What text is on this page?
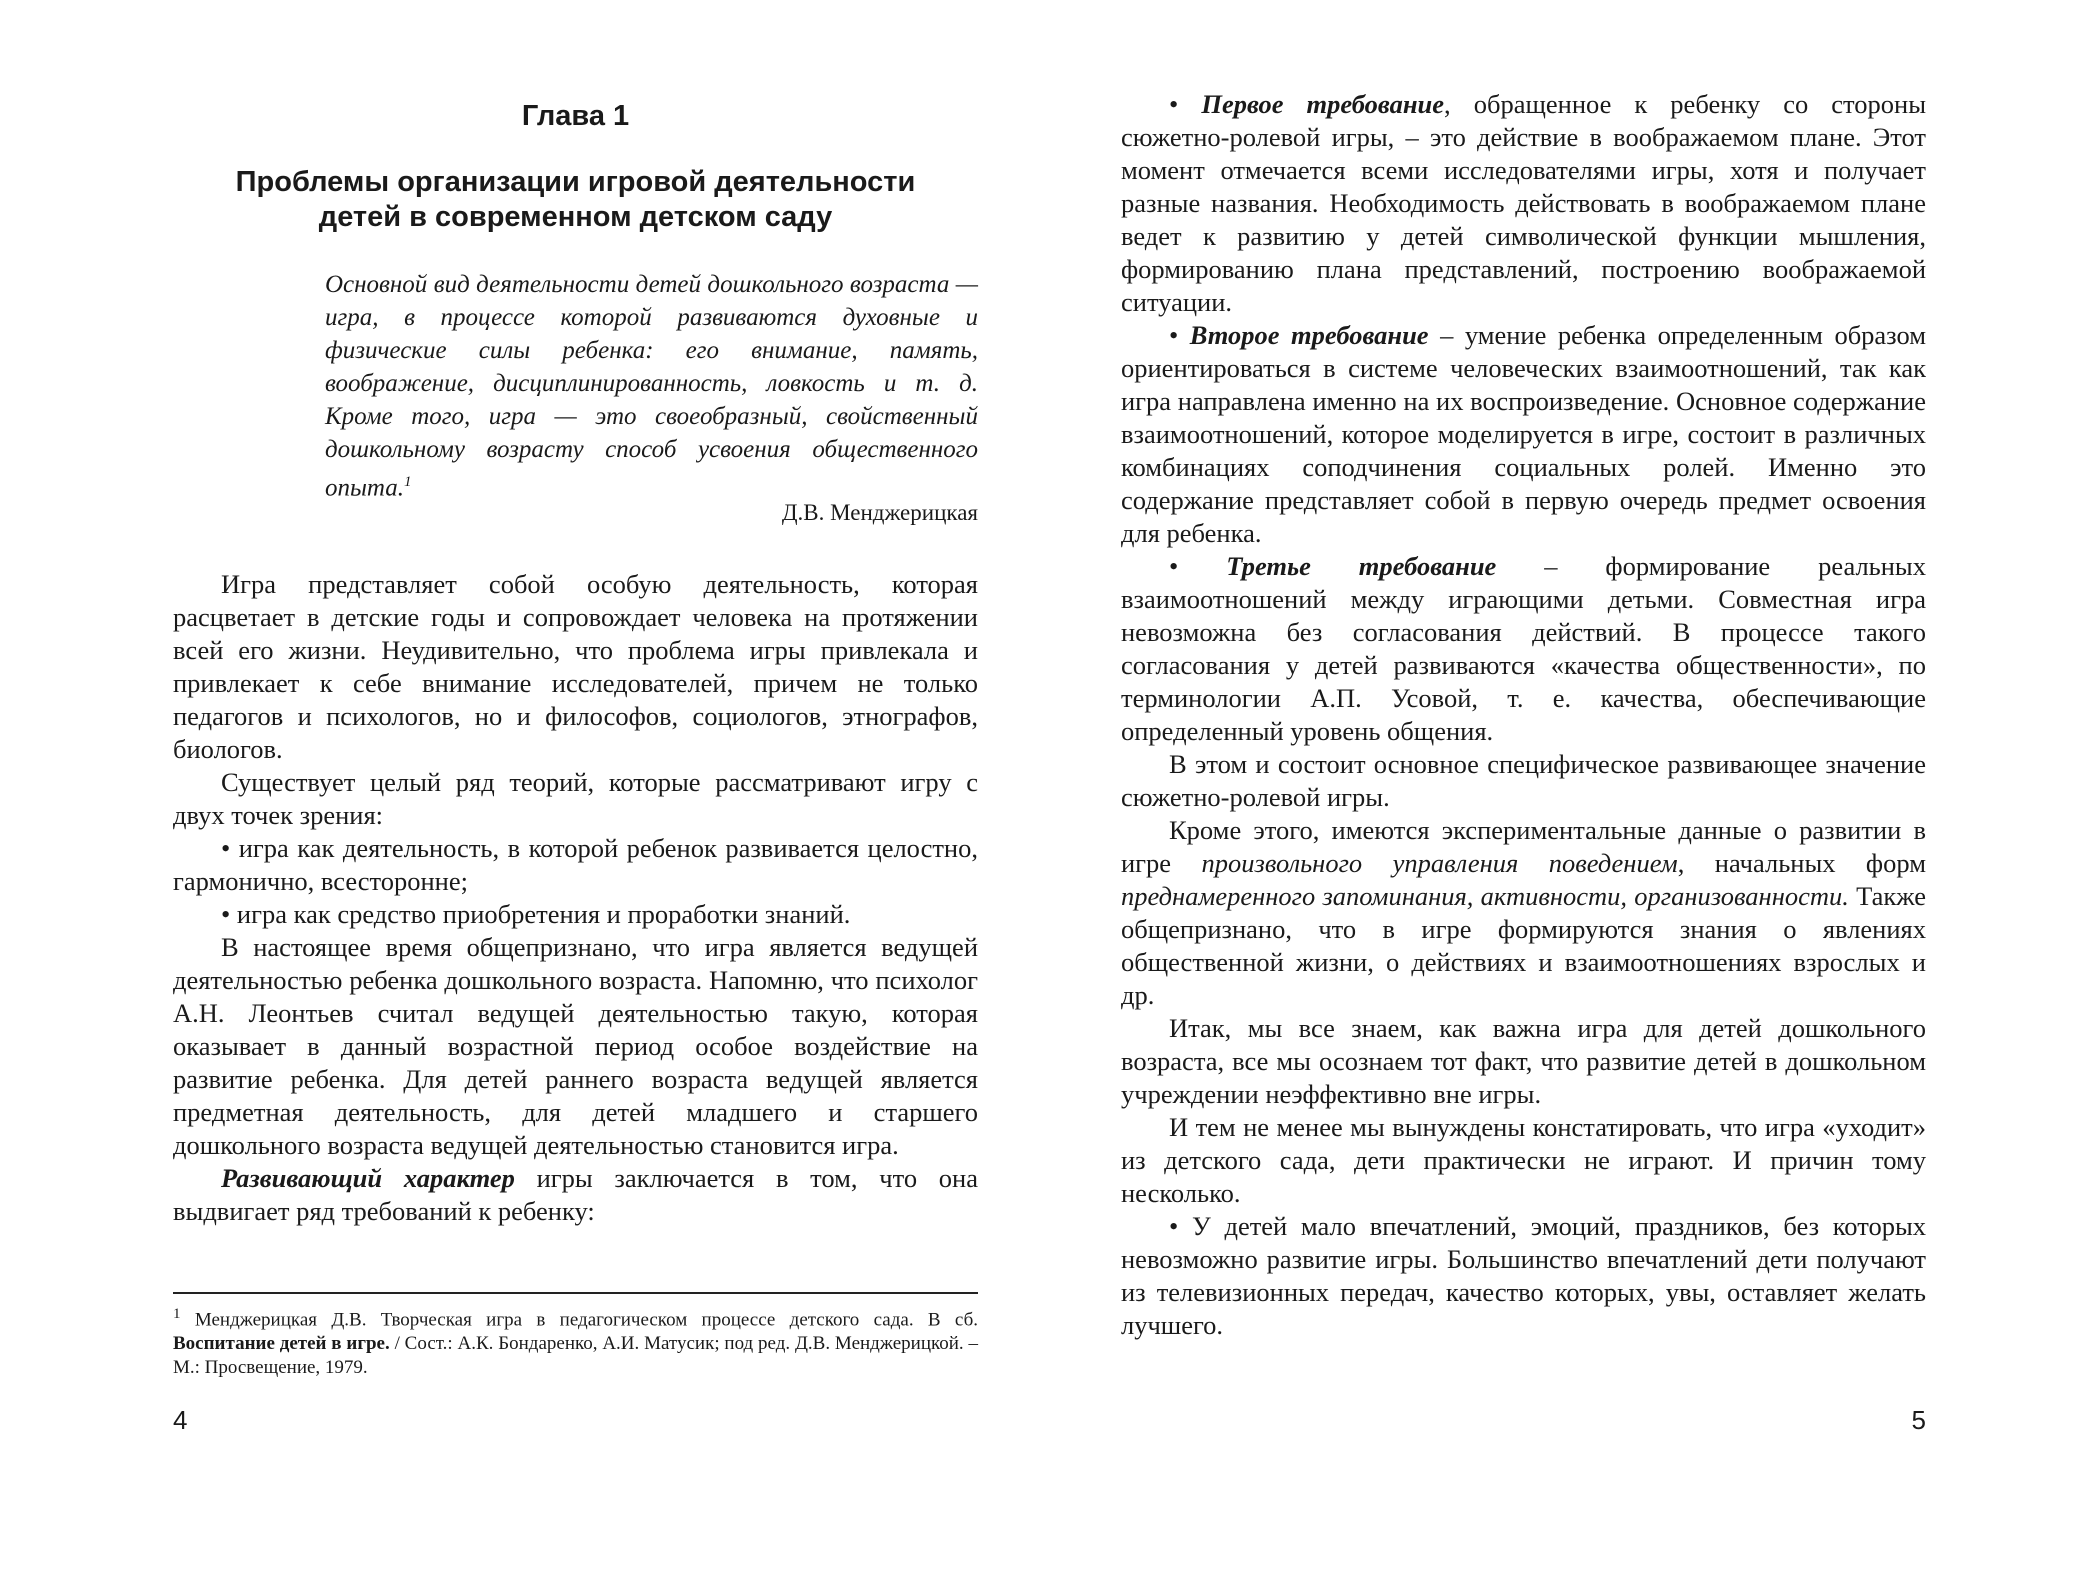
Глава 1
Проблемы организации игровой деятельности
детей в современном детском саду

Основной вид деятельности детей дошкольного возраста — игра, в процессе которой развиваются духовные и физические силы ребенка: его внимание, память, воображение, дисциплинированность, ловкость и т. д. Кроме того, игра — это своеобразный, свойственный дошкольному возрасту способ усвоения общественного опыта.$^1$

Д.В. Менджерицкая

Игра представляет собой особую деятельность, которая расцветает в детские годы и сопровождает человека на протяжении всей его жизни. Неудивительно, что проблема игры привлекала и привлекает к себе внимание исследователей, причем не только педагогов и психологов, но и философов, социологов, этнографов, биологов.

Существует целый ряд теорий, которые рассматривают игру с двух точек зрения:

• игра как деятельность, в которой ребенок развивается целостно, гармонично, всесторонне;

• игра как средство приобретения и проработки знаний.

В настоящее время общепризнано, что игра является ведущей деятельностью ребенка дошкольного возраста. Напомню, что психолог А.Н. Леонтьев считал ведущей деятельностью такую, которая оказывает в данный возрастной период особое воздействие на развитие ребенка. Для детей раннего возраста ведущей является предметная деятельность, для детей младшего и старшего дошкольного возраста ведущей деятельностью становится игра.

Развивающий характер игры заключается в том, что она выдвигает ряд требований к ребенку:

$^1$ Менджерицкая Д.В. Творческая игра в педагогическом процессе детского сада. В сб. Воспитание детей в игре. / Сост.: А.К. Бондаренко, А.И. Матусик; под ред. Д.В. Менджерицкой. – М.: Просвещение, 1979.

4

• Первое требование, обращенное к ребенку со стороны сюжетно-ролевой игры, – это действие в воображаемом плане. Этот момент отмечается всеми исследователями игры, хотя и получает разные названия. Необходимость действовать в воображаемом плане ведет к развитию у детей символической функции мышления, формированию плана представлений, построению воображаемой ситуации.

• Второе требование – умение ребенка определенным образом ориентироваться в системе человеческих взаимоотношений, так как игра направлена именно на их воспроизведение. Основное содержание взаимоотношений, которое моделируется в игре, состоит в различных комбинациях соподчинения социальных ролей. Именно это содержание представляет собой в первую очередь предмет освоения для ребенка.

• Третье требование – формирование реальных взаимоотношений между играющими детьми. Совместная игра невозможна без согласования действий. В процессе такого согласования у детей развиваются «качества общественности», по терминологии А.П. Усовой, т. е. качества, обеспечивающие определенный уровень общения.

В этом и состоит основное специфическое развивающее значение сюжетно-ролевой игры.

Кроме этого, имеются экспериментальные данные о развитии в игре произвольного управления поведением, начальных форм преднамеренного запоминания, активности, организованности. Также общепризнано, что в игре формируются знания о явлениях общественной жизни, о действиях и взаимоотношениях взрослых и др.

Итак, мы все знаем, как важна игра для детей дошкольного возраста, все мы осознаем тот факт, что развитие детей в дошкольном учреждении неэффективно вне игры.

И тем не менее мы вынуждены констатировать, что игра «уходит» из детского сада, дети практически не играют. И причин тому несколько.

• У детей мало впечатлений, эмоций, праздников, без которых невозможно развитие игры. Большинство впечатлений дети получают из телевизионных передач, качество которых, увы, оставляет желать лучшего.

5
